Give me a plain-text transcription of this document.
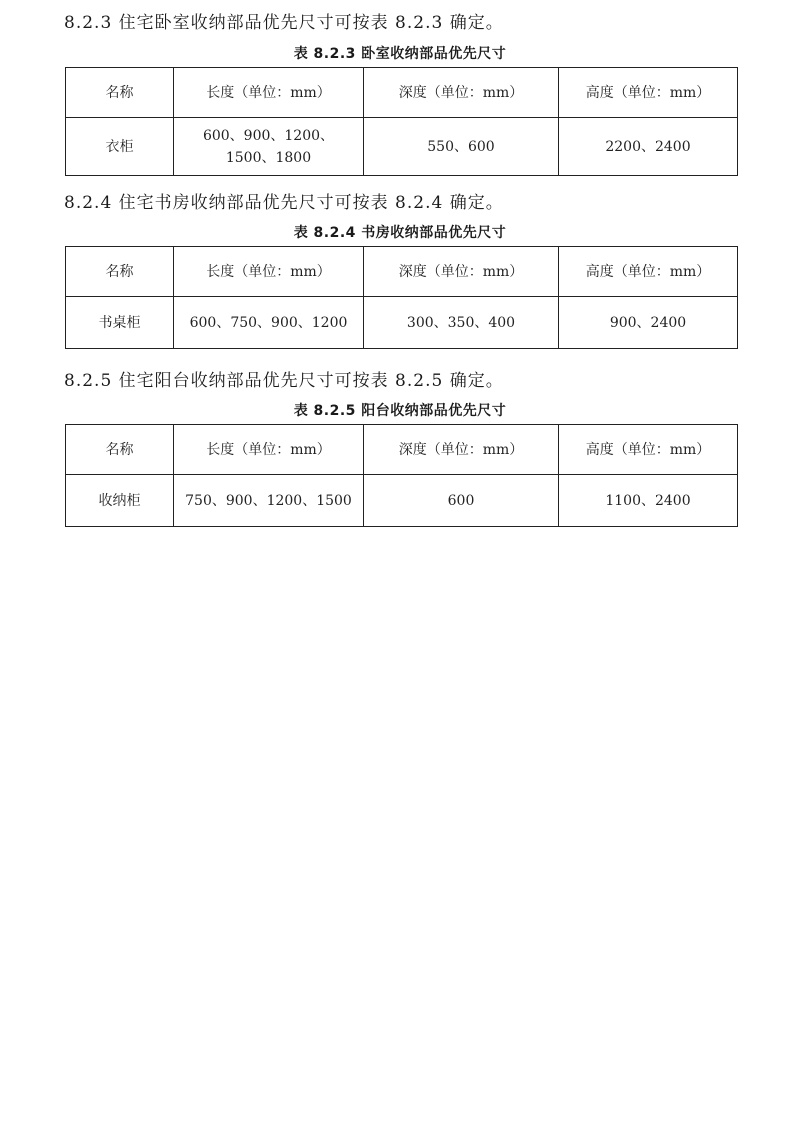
8.2.3 住宅卧室收纳部品优先尺寸可按表 8.2.3 确定。
表 8.2.3 卧室收纳部品优先尺寸
名称	长度（单位：mm）	深度（单位：mm）	高度（单位：mm）
衣柜	600、900、1200、1500、1800	550、600	2200、2400
8.2.4 住宅书房收纳部品优先尺寸可按表 8.2.4 确定。
表 8.2.4 书房收纳部品优先尺寸
名称	长度（单位：mm）	深度（单位：mm）	高度（单位：mm）
书桌柜	600、750、900、1200	300、350、400	900、2400
8.2.5 住宅阳台收纳部品优先尺寸可按表 8.2.5 确定。
表 8.2.5 阳台收纳部品优先尺寸
名称	长度（单位：mm）	深度（单位：mm）	高度（单位：mm）
收纳柜	750、900、1200、1500	600	1100、2400
